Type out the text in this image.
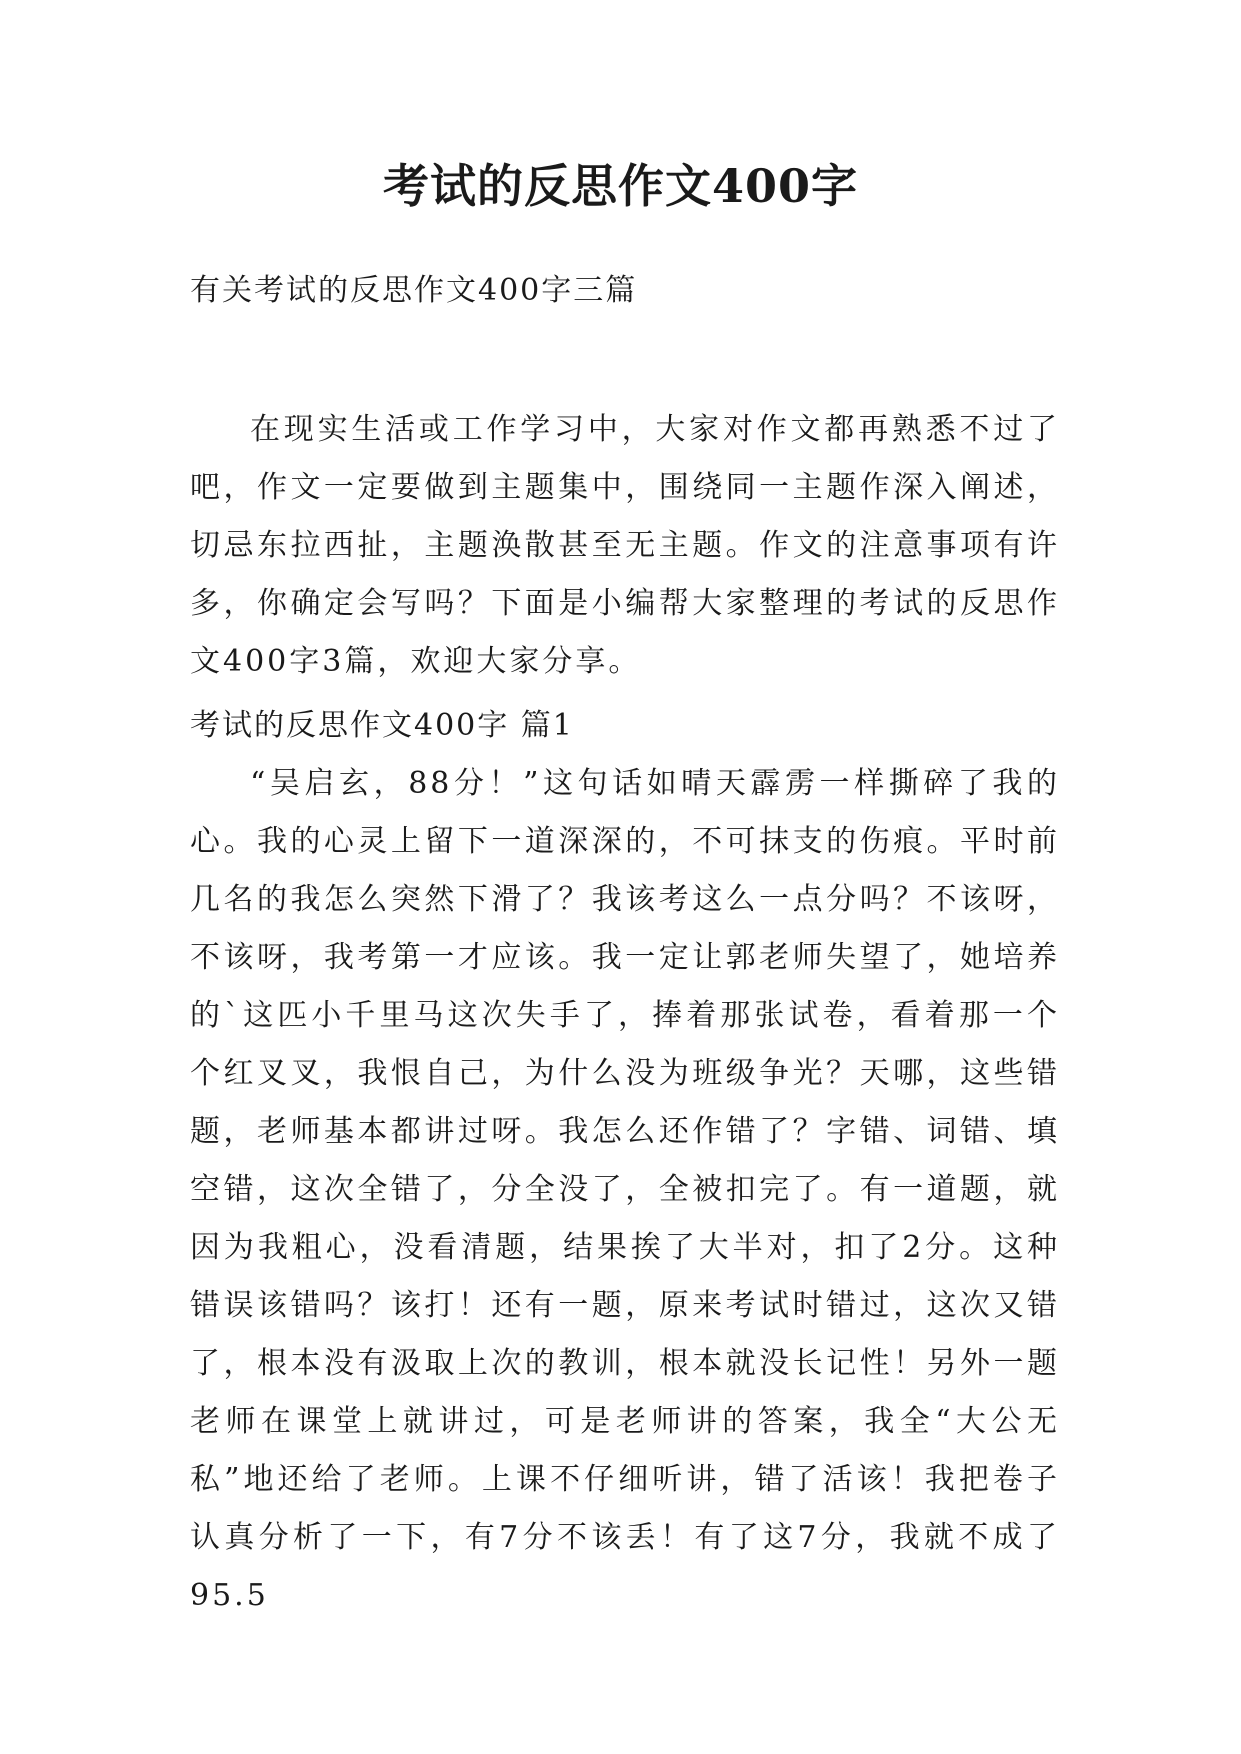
考试的反思作文400字

有关考试的反思作文400字三篇

在现实生活或工作学习中，大家对作文都再熟悉不过了吧，作文一定要做到主题集中，围绕同一主题作深入阐述，切忌东拉西扯，主题涣散甚至无主题。作文的注意事项有许多，你确定会写吗？下面是小编帮大家整理的考试的反思作文400字3篇，欢迎大家分享。

考试的反思作文400字 篇1

“吴启玄，88分！”这句话如晴天霹雳一样撕碎了我的心。我的心灵上留下一道深深的，不可抹支的伤痕。平时前几名的我怎么突然下滑了？我该考这么一点分吗？不该呀，不该呀，我考第一才应该。我一定让郭老师失望了，她培养的`这匹小千里马这次失手了，捧着那张试卷，看着那一个个红叉叉，我恨自己，为什么没为班级争光？天哪，这些错题，老师基本都讲过呀。我怎么还作错了？字错、词错、填空错，这次全错了，分全没了，全被扣完了。有一道题，就因为我粗心，没看清题，结果挨了大半对，扣了2分。这种错误该错吗？该打！还有一题，原来考试时错过，这次又错了，根本没有汲取上次的教训，根本就没长记性！另外一题老师在课堂上就讲过，可是老师讲的答案，我全“大公无私”地还给了老师。上课不仔细听讲，错了活该！我把卷子认真分析了一下，有7分不该丢！有了这7分，我就不成了95.5
